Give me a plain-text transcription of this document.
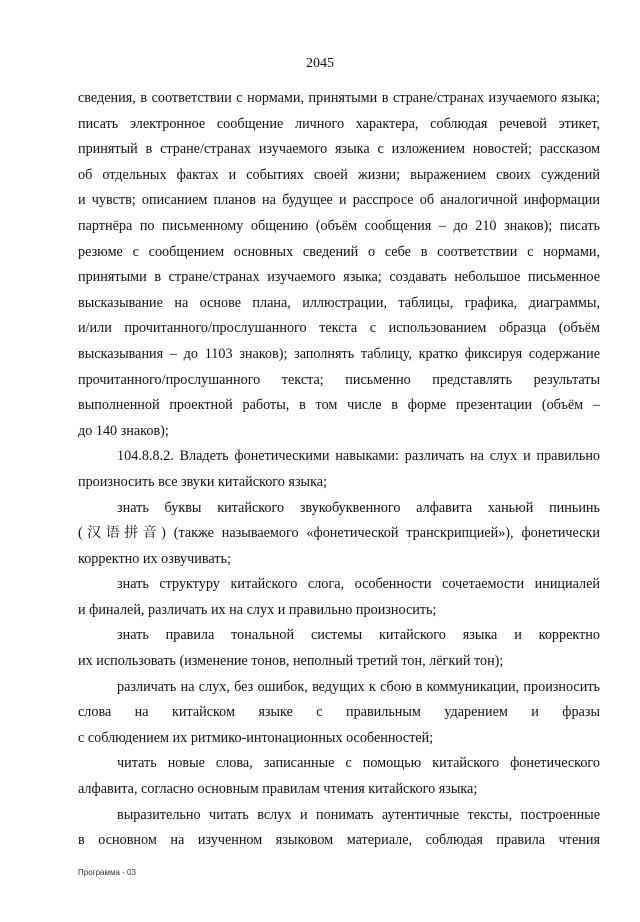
2045
сведения, в соответствии с нормами, принятыми в стране/странах изучаемого языка;
писать электронное сообщение личного характера, соблюдая речевой этикет,
принятый в стране/странах изучаемого языка с изложением новостей; рассказом
об отдельных фактах и событиях своей жизни; выражением своих суждений
и чувств; описанием планов на будущее и расспросе об аналогичной информации
партнёра по письменному общению (объём сообщения – до 210 знаков); писать
резюме с сообщением основных сведений о себе в соответствии с нормами,
принятыми в стране/странах изучаемого языка; создавать небольшое письменное
высказывание на основе плана, иллюстрации, таблицы, графика, диаграммы,
и/или прочитанного/прослушанного текста с использованием образца (объём
высказывания – до 1103 знаков); заполнять таблицу, кратко фиксируя содержание
прочитанного/прослушанного текста; письменно представлять результаты
выполненной проектной работы, в том числе в форме презентации (объём –
до 140 знаков);
104.8.8.2. Владеть фонетическими навыками: различать на слух и правильно
произносить все звуки китайского языка;
знать буквы китайского звукобуквенного алфавита ханьюй пиньинь
(汉语拼音) (также называемого «фонетической транскрипцией»), фонетически
корректно их озвучивать;
знать структуру китайского слога, особенности сочетаемости инициалей
и финалей, различать их на слух и правильно произносить;
знать правила тональной системы китайского языка и корректно
их использовать (изменение тонов, неполный третий тон, лёгкий тон);
различать на слух, без ошибок, ведущих к сбою в коммуникации, произносить
слова на китайском языке с правильным ударением и фразы
с соблюдением их ритмико-интонационных особенностей;
читать новые слова, записанные с помощью китайского фонетического
алфавита, согласно основным правилам чтения китайского языка;
выразительно читать вслух и понимать аутентичные тексты, построенные
в основном на изученном языковом материале, соблюдая правила чтения
Программа - 03
